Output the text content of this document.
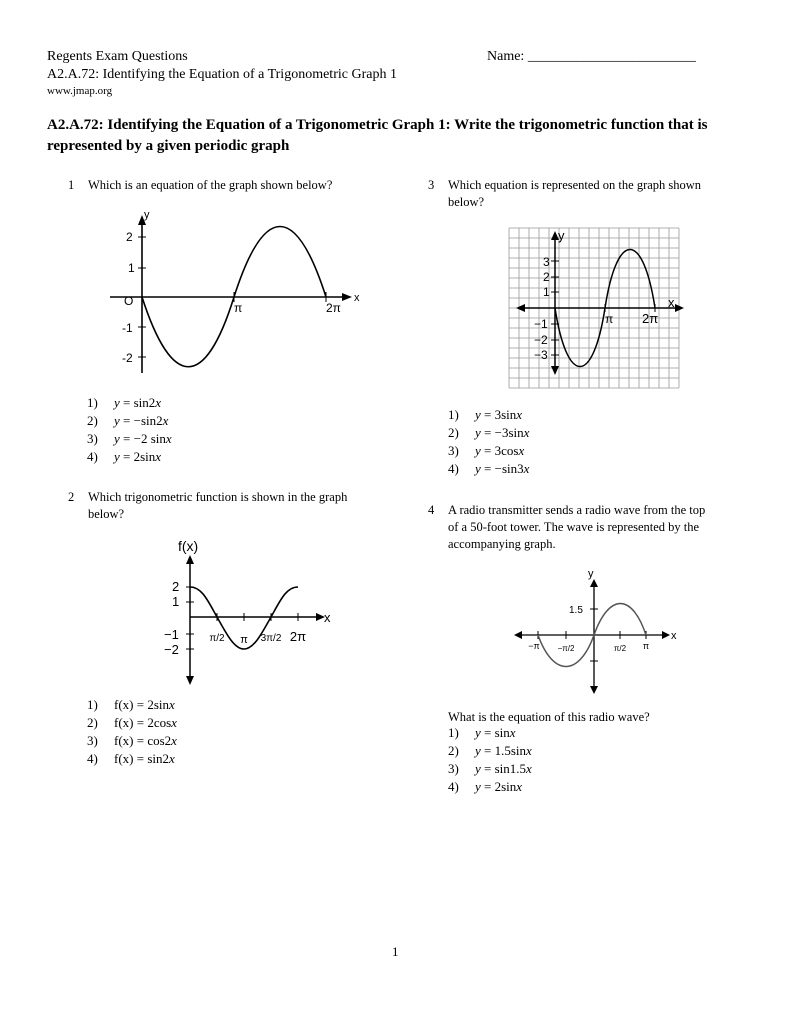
Regents Exam Questions
A2.A.72: Identifying the Equation of a Trigonometric Graph 1
www.jmap.org
Name: ________________________
A2.A.72: Identifying the Equation of a Trigonometric Graph 1: Write the trigonometric function that is represented by a given periodic graph
1 Which is an equation of the graph shown below?
y
x
O
2
1
-1
-2
π	2π
1) y = sin2x
2) y = −sin2x
3) y = −2 sinx
4) y = 2sinx
2 Which trigonometric function is shown in the graph
below?
f(x)
x
2
1
−1
−2
π/2 π 3π/2 2π
1) f(x) = 2sinx
2) f(x) = 2cosx
3) f(x) = cos2x
4) f(x) = sin2x
3 Which equation is represented on the graph shown
below?
x
y
3
2
1
−1
−2
−3
π 2π
1) y = 3sinx
2) y = −3sinx
3) y = 3cosx
4) y = −sin3x
4 A radio transmitter sends a radio wave from the top
of a 50-foot tower. The wave is represented by the
accompanying graph.
y
x
1.5
−π −π/2	π/2 π
What is the equation of this radio wave?
1) y = sinx
2) y = 1.5sinx
3) y = sin1.5x
4) y = 2sinx
1
